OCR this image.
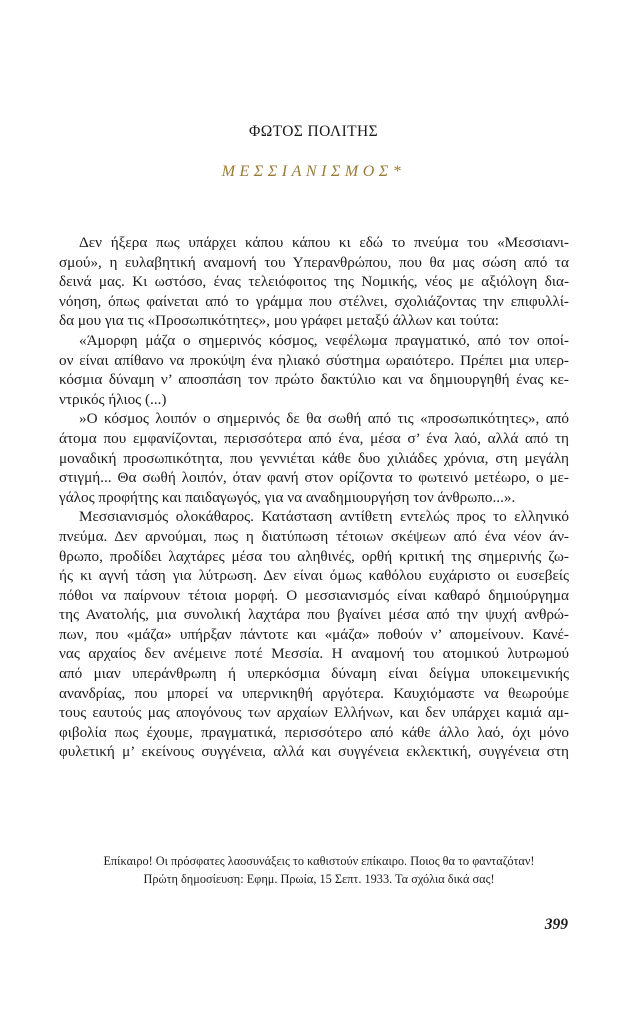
ΦΩΤΟΣ ΠΟΛΙΤΗΣ
ΜΕΣΣΙΑΝΙΣΜΟΣ*
Δεν ήξερα πως υπάρχει κάπου κάπου κι εδώ το πνεύμα του «Μεσσιανι-
σμού», η ευλαβητική αναμονή του Υπερανθρώπου, που θα μας σώση από τα
δεινά μας. Κι ωστόσο, ένας τελειόφοιτος της Νομικής, νέος με αξιόλογη δια-
νόηση, όπως φαίνεται από το γράμμα που στέλνει, σχολιάζοντας την επιφυλλί-
δα μου για τις «Προσωπικότητες», μου γράφει μεταξύ άλλων και τούτα:
«Άμορφη μάζα ο σημερινός κόσμος, νεφέλωμα πραγματικό, από τον οποί-
ον είναι απίθανο να προκύψη ένα ηλιακό σύστημα ωραιότερο. Πρέπει μια υπερ-
κόσμια δύναμη ν’ αποσπάση τον πρώτο δακτύλιο και να δημιουργηθή ένας κε-
ντρικός ήλιος (...)
»Ο κόσμος λοιπόν ο σημερινός δε θα σωθή από τις «προσωπικότητες», από
άτομα που εμφανίζονται, περισσότερα από ένα, μέσα σ’ ένα λαό, αλλά από τη
μοναδική προσωπικότητα, που γεννιέται κάθε δυο χιλιάδες χρόνια, στη μεγάλη
στιγμή... Θα σωθή λοιπόν, όταν φανή στον ορίζοντα το φωτεινό μετέωρο, ο με-
γάλος προφήτης και παιδαγωγός, για να αναδημιουργήση τον άνθρωπο...».
Μεσσιανισμός ολοκάθαρος. Κατάσταση αντίθετη εντελώς προς το ελληνικό
πνεύμα. Δεν αρνούμαι, πως η διατύπωση τέτοιων σκέψεων από ένα νέον άν-
θρωπο, προδίδει λαχτάρες μέσα του αληθινές, ορθή κριτική της σημερινής ζω-
ής κι αγνή τάση για λύτρωση. Δεν είναι όμως καθόλου ευχάριστο οι ευσεβείς
πόθοι να παίρνουν τέτοια μορφή. Ο μεσσιανισμός είναι καθαρό δημιούργημα
της Ανατολής, μια συνολική λαχτάρα που βγαίνει μέσα από την ψυχή ανθρώ-
πων, που «μάζα» υπήρξαν πάντοτε και «μάζα» ποθούν ν’ απομείνουν. Κανέ-
νας αρχαίος δεν ανέμεινε ποτέ Μεσσία. Η αναμονή του ατομικού λυτρωμού
από μιαν υπεράνθρωπη ή υπερκόσμια δύναμη είναι δείγμα υποκειμενικής
ανανδρίας, που μπορεί να υπερνικηθή αργότερα. Καυχιόμαστε να θεωρούμε
τους εαυτούς μας απογόνους των αρχαίων Ελλήνων, και δεν υπάρχει καμιά αμ-
φιβολία πως έχουμε, πραγματικά, περισσότερο από κάθε άλλο λαό, όχι μόνο
φυλετική μ’ εκείνους συγγένεια, αλλά και συγγένεια εκλεκτική, συγγένεια στη
Επίκαιρο! Οι πρόσφατες λαοσυνάξεις το καθιστούν επίκαιρο. Ποιος θα το φανταζόταν!
Πρώτη δημοσίευση: Εφημ. Πρωία, 15 Σεπτ. 1933. Τα σχόλια δικά σας!
399
